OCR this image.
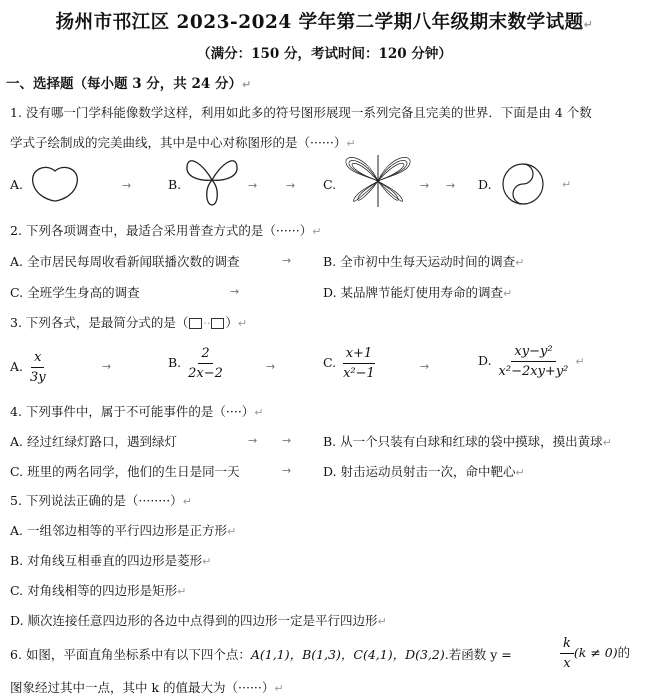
扬州市邗江区 2023-2024 学年第二学期八年级期末数学试题↵
（满分：150 分，考试时间：120 分钟）
一、选择题（每小题 3 分，共 24 分）↵
1. 没有哪一门学科能像数学这样，利用如此多的符号图形展现一系列完备且完美的世界．下面是由 4 个数
学式子绘制成的完美曲线，其中是中心对称图形的是（······）↵
A.	→	B.	→	→ C.	→ → D.	↵
2. 下列各项调查中，最适合采用普查方式的是（······）↵
A. 全市居民每周收看新闻联播次数的调查	→	B. 全市初中生每天运动时间的调查↵
C. 全班学生身高的调查	→	D. 某品牌节能灯使用寿命的调查↵
3. 下列各式，是最简分式的是（ ·· ）↵
A. $\frac{x}{3y}$	→	B. $\frac{2}{2x-2}$	→	C. $\frac{x+1}{\text{x²−1}}$	→	D. $\frac{\text{xy−y²}}{\text{x²−2xy+y²}}$ ↵
4. 下列事件中，属于不可能事件的是（····）↵
A. 经过红绿灯路口，遇到绿灯	→ →	B. 从一个只装有白球和红球的袋中摸球，摸出黄球↵
C. 班里的两名同学，他们的生日是同一天	→	D. 射击运动员射击一次，命中靶心↵
5. 下列说法正确的是（········）↵
A. 一组邻边相等的平行四边形是正方形↵
B. 对角线互相垂直的四边形是菱形↵
C. 对角线相等的四边形是矩形↵
D. 顺次连接任意四边形的各边中点得到的四边形一定是平行四边形↵
6. 如图，平面直角坐标系中有以下四个点：A(1,1)，B(1,3)，C(4,1)，D(3,2).若函数 y =	$\frac{k}{x} (k \ne 0)$的
图象经过其中一点，其中 k 的值最大为（······）↵
